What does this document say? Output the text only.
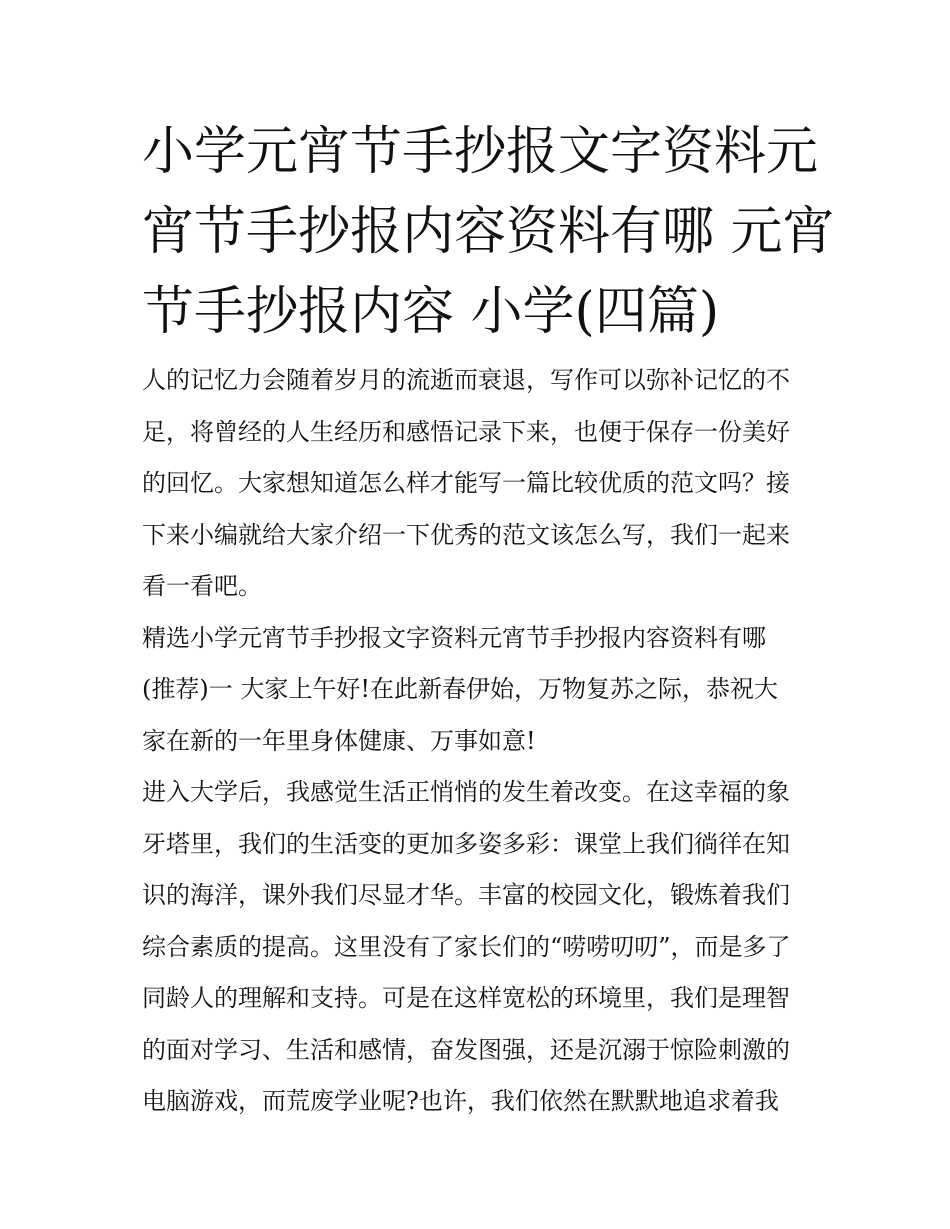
小学元宵节手抄报文字资料元
宵节手抄报内容资料有哪 元宵
节手抄报内容 小学(四篇)

人的记忆力会随着岁月的流逝而衰退，写作可以弥补记忆的不
足，将曾经的人生经历和感悟记录下来，也便于保存一份美好
的回忆。大家想知道怎么样才能写一篇比较优质的范文吗？接
下来小编就给大家介绍一下优秀的范文该怎么写，我们一起来
看一看吧。

精选小学元宵节手抄报文字资料元宵节手抄报内容资料有哪
(推荐)一 大家上午好!在此新春伊始，万物复苏之际，恭祝大
家在新的一年里身体健康、万事如意!

进入大学后，我感觉生活正悄悄的发生着改变。在这幸福的象
牙塔里，我们的生活变的更加多姿多彩：课堂上我们徜徉在知
识的海洋，课外我们尽显才华。丰富的校园文化，锻炼着我们
综合素质的提高。这里没有了家长们的“唠唠叨叨”，而是多了
同龄人的理解和支持。可是在这样宽松的环境里，我们是理智
的面对学习、生活和感情，奋发图强，还是沉溺于惊险刺激的
电脑游戏，而荒废学业呢?也许，我们依然在默默地追求着我
